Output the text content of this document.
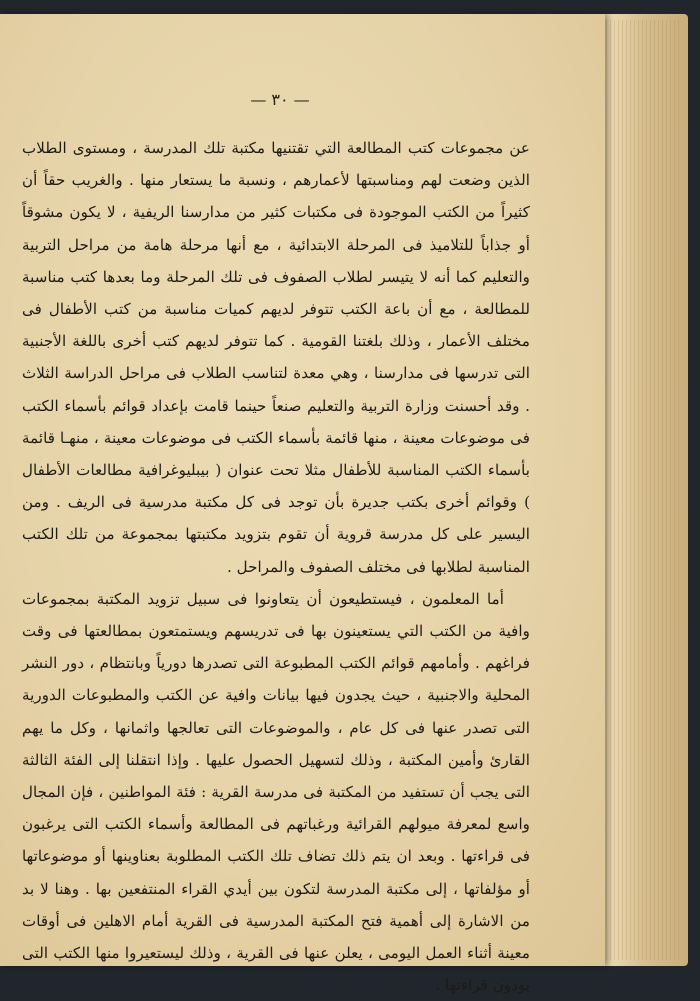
— ٣٠ —

عن مجموعات كتب المطالعة التي تقتنيها مكتبة تلك المدرسة ، ومستوى الطلاب الذين وضعت لهم ومناسبتها لأعمارهم ، ونسبة ما يستعار منها . والغريب حقاً أن كثيراً من الكتب الموجودة فى مكتبات كثير من مدارسنا الريفية ، لا يكون مشوقاً أو جذاباً للتلاميذ فى المرحلة الابتدائية ، مع أنها مرحلة هامة من مراحل التربية والتعليم كما أنه لا يتيسر لطلاب الصفوف فى تلك المرحلة وما بعدها كتب مناسبة للمطالعة ، مع أن باعة الكتب تتوفر لديهم كميات مناسبة من كتب الأطفال فى مختلف الأعمار ، وذلك بلغتنا القومية . كما تتوفر لديهم كتب أخرى باللغة الأجنبية التى تدرسها فى مدارسنا ، وهي معدة لتناسب الطلاب فى مراحل الدراسة الثلاث . وقد أحسنت وزارة التربية والتعليم صنعاً حينما قامت بإعداد قوائم بأسماء الكتب فى موضوعات معينة ، منها قائمة بأسماء الكتب فى موضوعات معينة ، منهـا قائمة بأسماء الكتب المناسبة للأطفال مثلا تحت عنوان ( بيبليوغرافية مطالعات الأطفال ) وقوائم أخرى بكتب جديرة بأن توجد فى كل مكتبة مدرسية فى الريف . ومن اليسير على كل مدرسة قروية أن تقوم بتزويد مكتبتها بمجموعة من تلك الكتب المناسبة لطلابها فى مختلف الصفوف والمراحل .

أما المعلمون ، فيستطيعون أن يتعاونوا فى سبيل تزويد المكتبة بمجموعات وافية من الكتب التي يستعينون بها فى تدريسهم ويستمتعون بمطالعتها فى وقت فراغهم . وأمامهم قوائم الكتب المطبوعة التى تصدرها دورياً وبانتظام ، دور النشر المحلية والاجنبية ، حيث يجدون فيها بيانات وافية عن الكتب والمطبوعات الدورية التى تصدر عنها فى كل عام ، والموضوعات التى تعالجها واثمانها ، وكل ما يهم القارئ وأمين المكتبة ، وذلك لتسهيل الحصول عليها . وإذا انتقلنا إلى الفئة الثالثة التى يجب أن تستفيد من المكتبة فى مدرسة القرية : فئة المواطنين ، فإن المجال واسع لمعرفة ميولهم القرائية ورغباتهم فى المطالعة وأسماء الكتب التى يرغبون فى قراءتها . وبعد ان يتم ذلك تضاف تلك الكتب المطلوبة بعناوينها أو موضوعاتها أو مؤلفاتها ، إلى مكتبة المدرسة لتكون بين أيدي القراء المنتفعين بها . وهنا لا بد من الاشارة إلى أهمية فتح المكتبة المدرسية فى القرية أمام الاهلين فى أوقات معينة أثناء العمل اليومى ، يعلن عنها فى القرية ، وذلك ليستعيروا منها الكتب التى يودون قراءتها .
